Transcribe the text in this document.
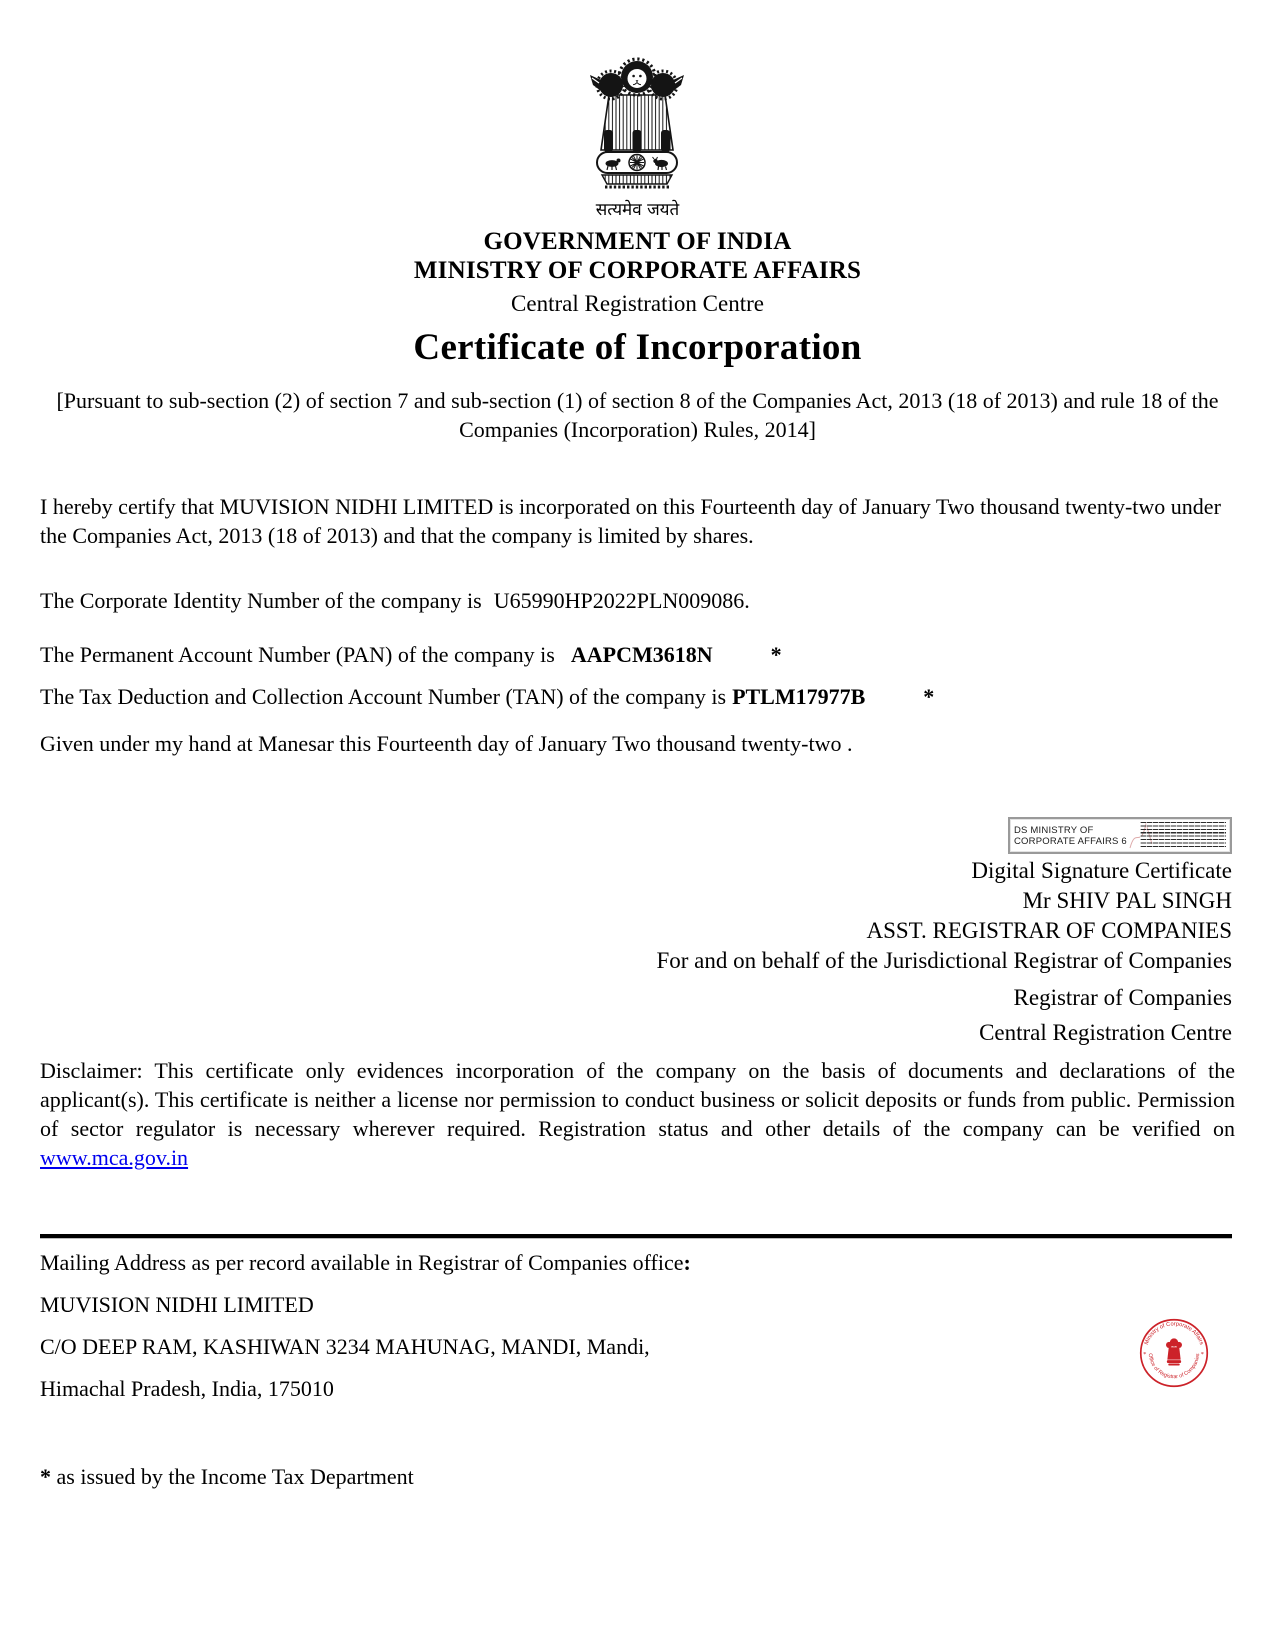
सत्यमेव जयते
GOVERNMENT OF INDIA
MINISTRY OF CORPORATE AFFAIRS
Central Registration Centre
Certificate of Incorporation
[Pursuant to sub-section (2) of section 7 and sub-section (1) of section 8 of the Companies Act, 2013 (18 of 2013) and rule 18 of the Companies (Incorporation) Rules, 2014]
I hereby certify that MUVISION NIDHI LIMITED is incorporated on this Fourteenth day of January Two thousand twenty-two under the Companies Act, 2013 (18 of 2013) and that the company is limited by shares.
The Corporate Identity Number of the company is U65990HP2022PLN009086.
The Permanent Account Number (PAN) of the company is AAPCM3618N	*
The Tax Deduction and Collection Account Number (TAN) of the company is PTLM17977B	*
Given under my hand at Manesar this Fourteenth day of January Two thousand twenty-two .
DS MINISTRY OF
CORPORATE AFFAIRS 6
Digital Signature Certificate
Mr SHIV PAL SINGH
ASST. REGISTRAR OF COMPANIES
For and on behalf of the Jurisdictional Registrar of Companies
Registrar of Companies
Central Registration Centre
Disclaimer: This certificate only evidences incorporation of the company on the basis of documents and declarations of the applicant(s). This certificate is neither a license nor permission to conduct business or solicit deposits or funds from public. Permission of sector regulator is necessary wherever required. Registration status and other details of the company can be verified on www.mca.gov.in
Mailing Address as per record available in Registrar of Companies office:
MUVISION NIDHI LIMITED
C/O DEEP RAM, KASHIWAN 3234 MAHUNAG, MANDI, Mandi,
Himachal Pradesh, India, 175010
Ministry of Corporate Affairs
Office of Registrar of Companies
*	*
* as issued by the Income Tax Department
